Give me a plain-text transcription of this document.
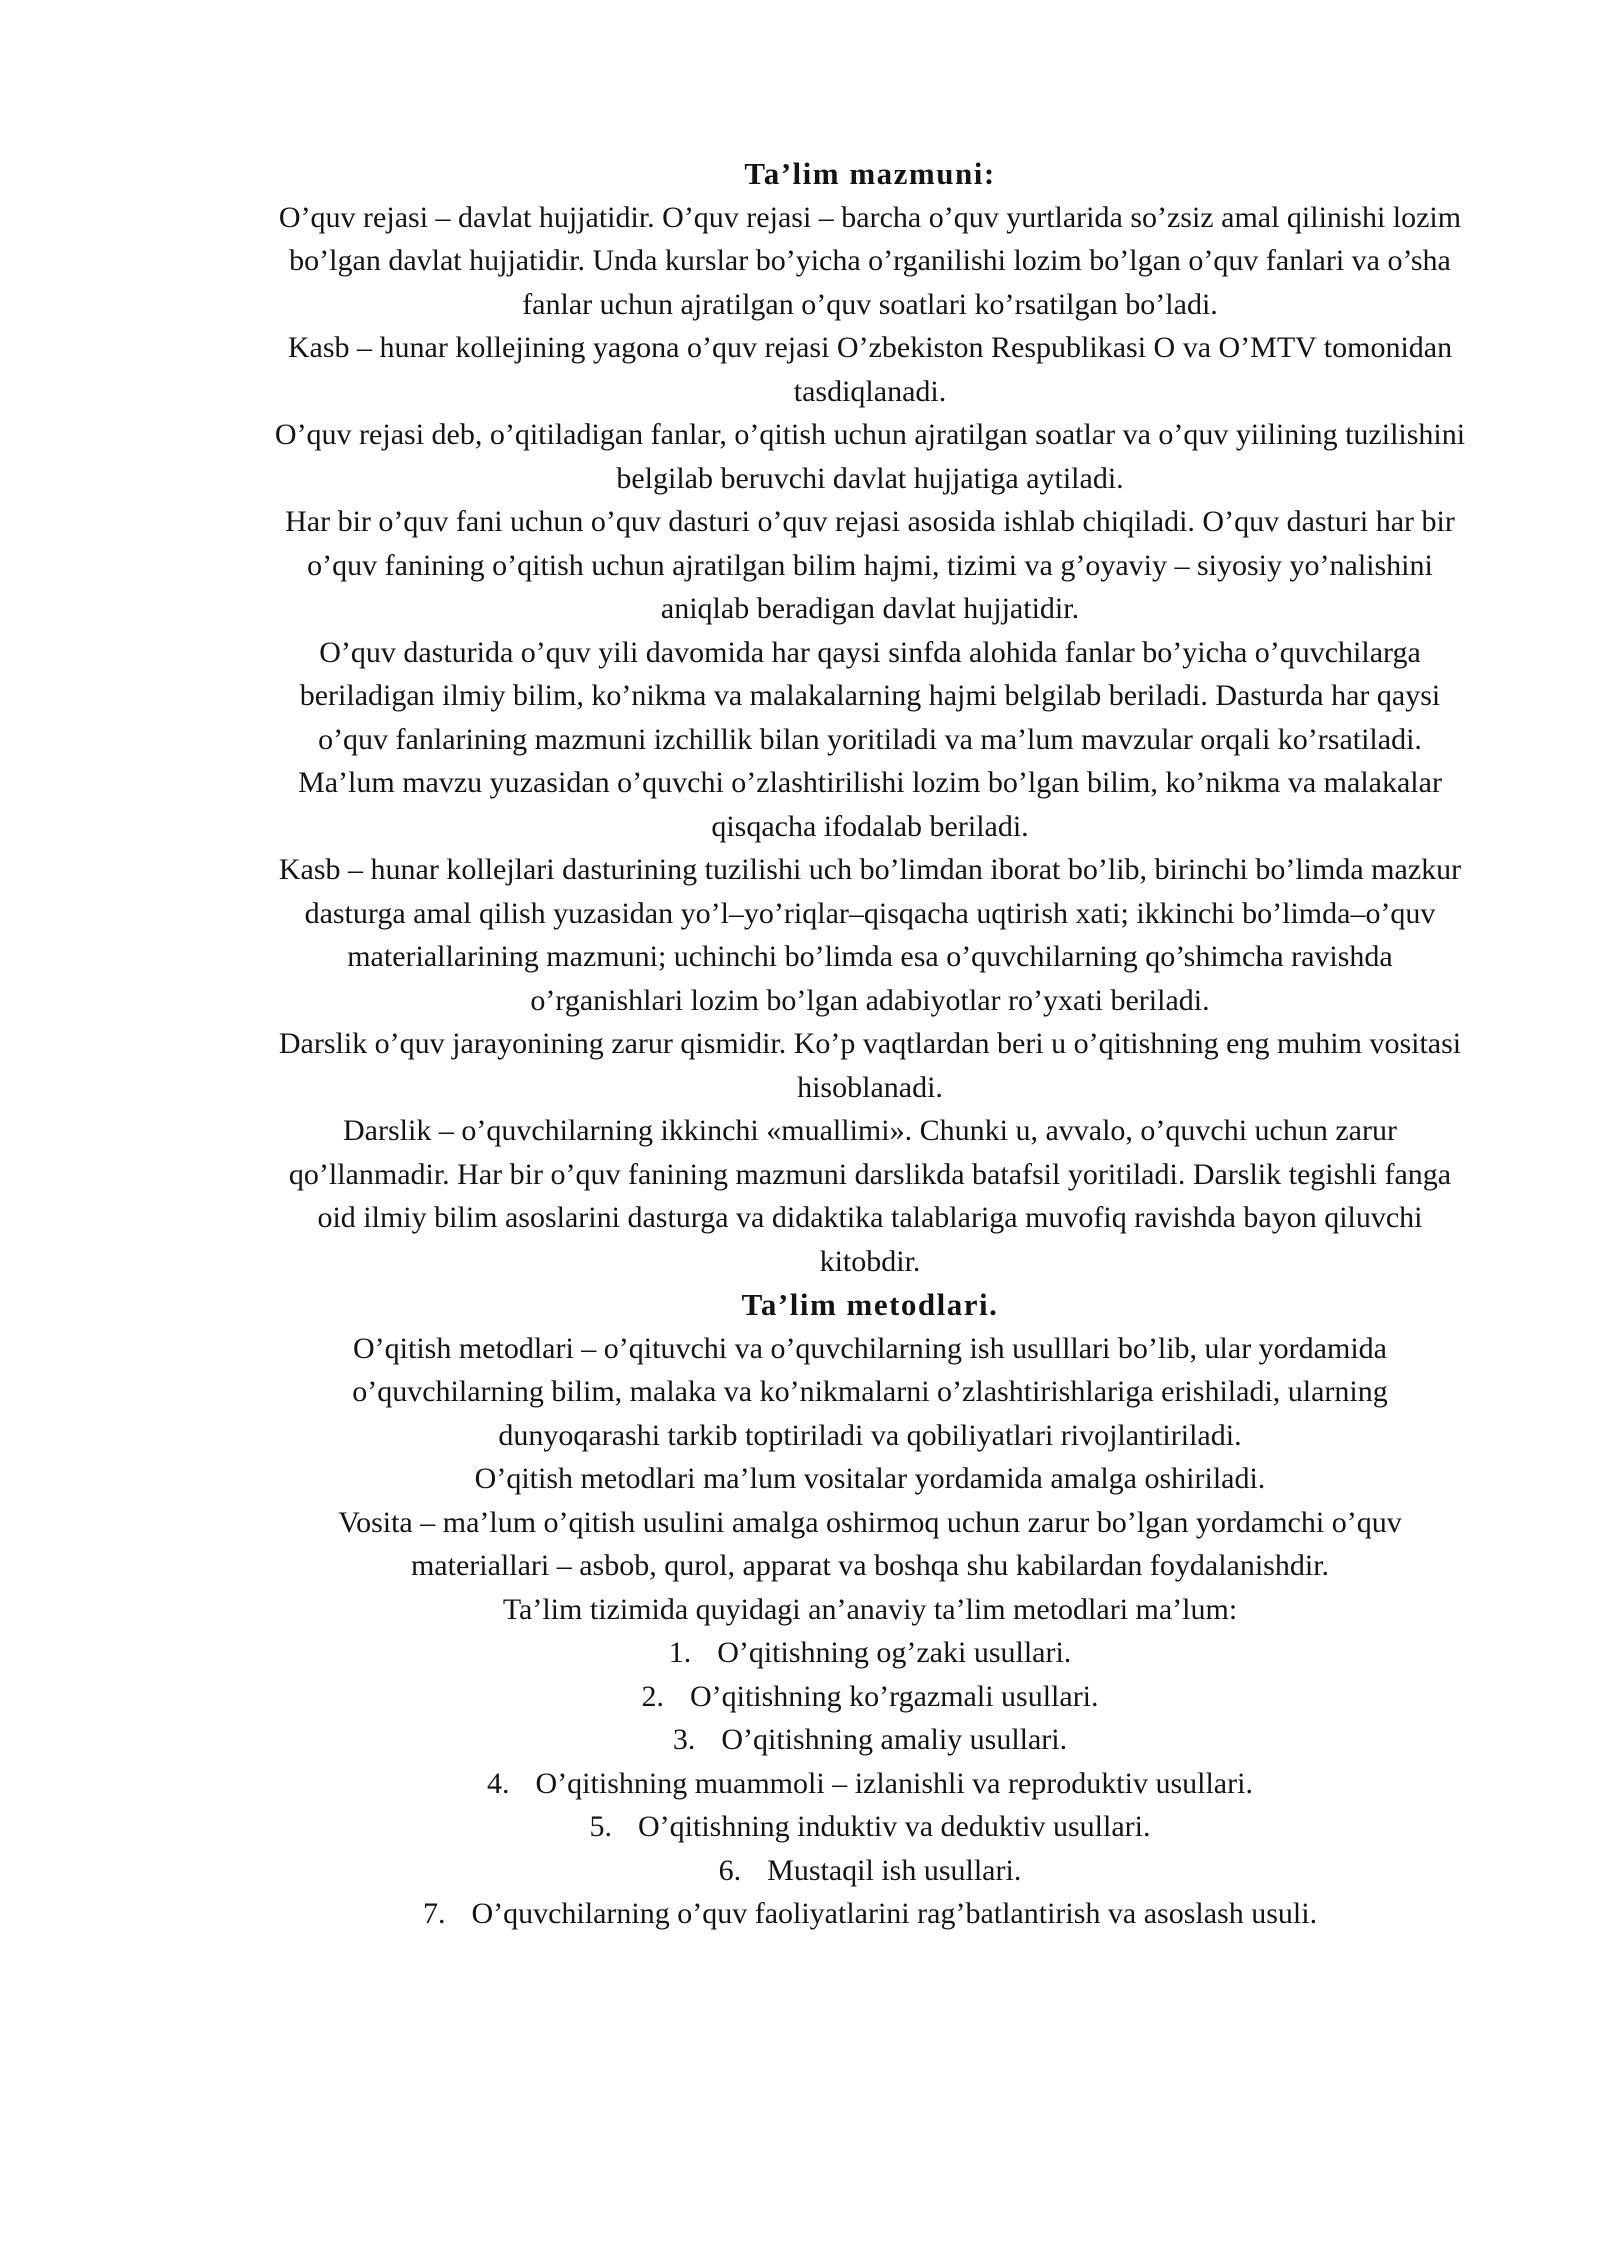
Ta’lim mazmuni:

O’quv rejasi – davlat hujjatidir. O’quv rejasi – barcha o’quv yurtlarida so’zsiz amal qilinishi lozim bo’lgan davlat hujjatidir. Unda kurslar bo’yicha o’rganilishi lozim bo’lgan o’quv fanlari va o’sha fanlar uchun ajratilgan o’quv soatlari ko’rsatilgan bo’ladi.

Kasb – hunar kollejining yagona o’quv rejasi O’zbekiston Respublikasi O va O’MTV tomonidan tasdiqlanadi.

O’quv rejasi deb, o’qitiladigan fanlar, o’qitish uchun ajratilgan soatlar va o’quv yiilining tuzilishini belgilab beruvchi davlat hujjatiga aytiladi.

Har bir o’quv fani uchun o’quv dasturi o’quv rejasi asosida ishlab chiqiladi. O’quv dasturi har bir o’quv fanining o’qitish uchun ajratilgan bilim hajmi, tizimi va g’oyaviy – siyosiy yo’nalishini aniqlab beradigan davlat hujjatidir.

O’quv dasturida o’quv yili davomida har qaysi sinfda alohida fanlar bo’yicha o’quvchilarga beriladigan ilmiy bilim, ko’nikma va malakalarning hajmi belgilab beriladi. Dasturda har qaysi o’quv fanlarining mazmuni izchillik bilan yoritiladi va ma’lum mavzular orqali ko’rsatiladi.

Ma’lum mavzu yuzasidan o’quvchi o’zlashtirilishi lozim bo’lgan bilim, ko’nikma va malakalar qisqacha ifodalab beriladi.

Kasb – hunar kollejlari dasturining tuzilishi uch bo’limdan iborat bo’lib, birinchi bo’limda mazkur dasturga amal qilish yuzasidan yo’l–yo’riqlar–qisqacha uqtirish xati; ikkinchi bo’limda–o’quv materiallarining mazmuni; uchinchi bo’limda esa o’quvchilarning qo’shimcha ravishda o’rganishlari lozim bo’lgan adabiyotlar ro’yxati beriladi.

Darslik o’quv jarayonining zarur qismidir. Ko’p vaqtlardan beri u o’qitishning eng muhim vositasi hisoblanadi.

Darslik – o’quvchilarning ikkinchi «muallimi». Chunki u, avvalo, o’quvchi uchun zarur qo’llanmadir. Har bir o’quv fanining mazmuni darslikda batafsil yoritiladi. Darslik tegishli fanga oid ilmiy bilim asoslarini dasturga va didaktika talablariga muvofiq ravishda bayon qiluvchi kitobdir.

Ta’lim metodlari.

O’qitish metodlari – o’qituvchi va o’quvchilarning ish usulllari bo’lib, ular yordamida o’quvchilarning bilim, malaka va ko’nikmalarni o’zlashtirishlariga erishiladi, ularning dunyoqarashi tarkib toptiriladi va qobiliyatlari rivojlantiriladi.

O’qitish metodlari ma’lum vositalar yordamida amalga oshiriladi.

Vosita – ma’lum o’qitish usulini amalga oshirmoq uchun zarur bo’lgan yordamchi o’quv materiallari – asbob, qurol, apparat va boshqa shu kabilardan foydalanishdir.

Ta’lim tizimida quyidagi an’anaviy ta’lim metodlari ma’lum:

1. O’qitishning og’zaki usullari.
2. O’qitishning ko’rgazmali usullari.
3. O’qitishning amaliy usullari.
4. O’qitishning muammoli – izlanishli va reproduktiv usullari.
5. O’qitishning induktiv va deduktiv usullari.
6. Mustaqil ish usullari.
7. O’quvchilarning o’quv faoliyatlarini rag’batlantirish va asoslash usuli.
